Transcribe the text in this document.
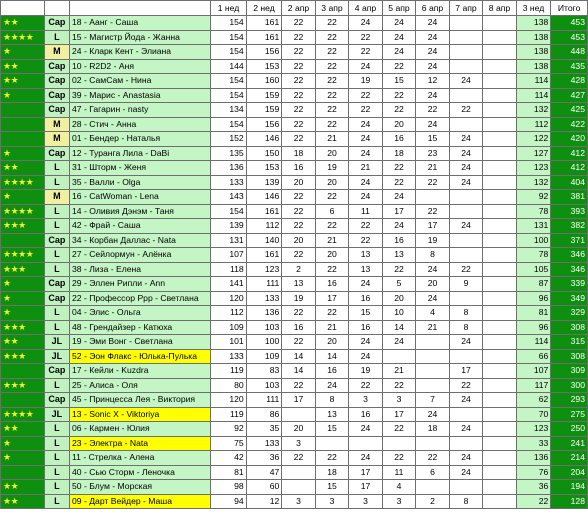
			1 нед	2 нед	2 апр	3 апр	4 апр	5 апр	6 апр	7 апр	8 апр	3 нед	Итого
★★	Cap	18 - Аанг - Саша	154	161	22	22	24	24	24			138	453
★★★★	L	15 - Магистр Йода - Жанна	154	161	22	22	22	24	24			138	453
★	M	24 - Кларк Кент - Элиана	154	156	22	22	22	24	24			138	448
★★	Cap	10 - R2D2 - Аня	144	153	22	22	24	22	24			138	435
★★	Cap	02 - СамСам - Нина	154	160	22	22	19	15	12	24		114	428
★	Cap	39 - Марис - Anastasia	154	159	22	22	22	22	24			114	427
	Cap	47 - Гагарин - nasty	134	159	22	22	22	22	22	22		132	425
	M	28 - Стич - Анна	154	156	22	22	24	20	24			112	422
	M	01 - Бендер - Наталья	152	146	22	21	24	16	15	24		122	420
★	Cap	12 - Туранга Лила - DaBi	135	150	18	20	24	18	23	24		127	412
★★	L	31 - Шторм - Женя	136	153	16	19	21	22	21	24		123	412
★★★★	L	35 - Валли - Olga	133	139	20	20	24	22	22	24		132	404
★	M	16 - CatWoman - Lena	143	146	22	22	24	24				92	381
★★★★	L	14 - Оливия Дэнэм - Таня	154	161	22	6	11	17	22			78	393
★★★	L	42 - Фрай - Саша	139	112	22	22	22	24	17	24		131	382
	Cap	34 - Корбан Даллас - Nata	131	140	20	21	22	16	19			100	371
★★★★	L	27 - Сейлормун - Алёнка	107	161	22	20	13	13	8			78	346
★★★	L	38 - Лиза - Елена	118	123	2	22	13	22	24	22		105	346
★	Cap	29 - Эллен Рипли - Ann	141	111	13	16	24	5	20	9		87	339
★	Cap	22 - Профессор Ррр - Светлана	120	133	19	17	16	20	24			96	349
★	L	04 - Элис - Ольга	112	136	22	22	15	10	4	8		81	329
★★★	L	48 - Грендайзер - Катюха	109	103	16	21	16	14	21	8		96	308
★★	JL	19 - Эми Вонг - Светлана	101	100	22	20	24	24		24		114	315
★★★	JL	52 - Эон Флакс - Юлька-Пулька	133	109	14	14	24					66	308
	Cap	17 - Кейли - Kuzdra	119	83	14	16	19	21		17		107	309
★★★	L	25 - Алиса - Оля	80	103	22	24	22	22		22		117	300
	Cap	45 - Принцесса Лея - Виктория	120	111	17	8	3	3	7	24		62	293
★★★★	JL	13 - Sonic X - Viktoriya	119	86		13	16	17	24			70	275
★★	L	06 - Кармен - Юлия	92	35	20	15	24	22	18	24		123	250
★	L	23 - Электра - Nata	75	133	3							33	241
★	L	11 - Стрелка - Алена	42	36	22	22	24	22	22	24		136	214
	L	40 - Сью Сторм - Леночка	81	47		18	17	11	6	24		76	204
★★	L	50 - Блум - Морская	98	60		15	17	4				36	194
★★	L	09 - Дарт Вейдер - Маша	94	12	3	3	3	3	2	8		22	128
